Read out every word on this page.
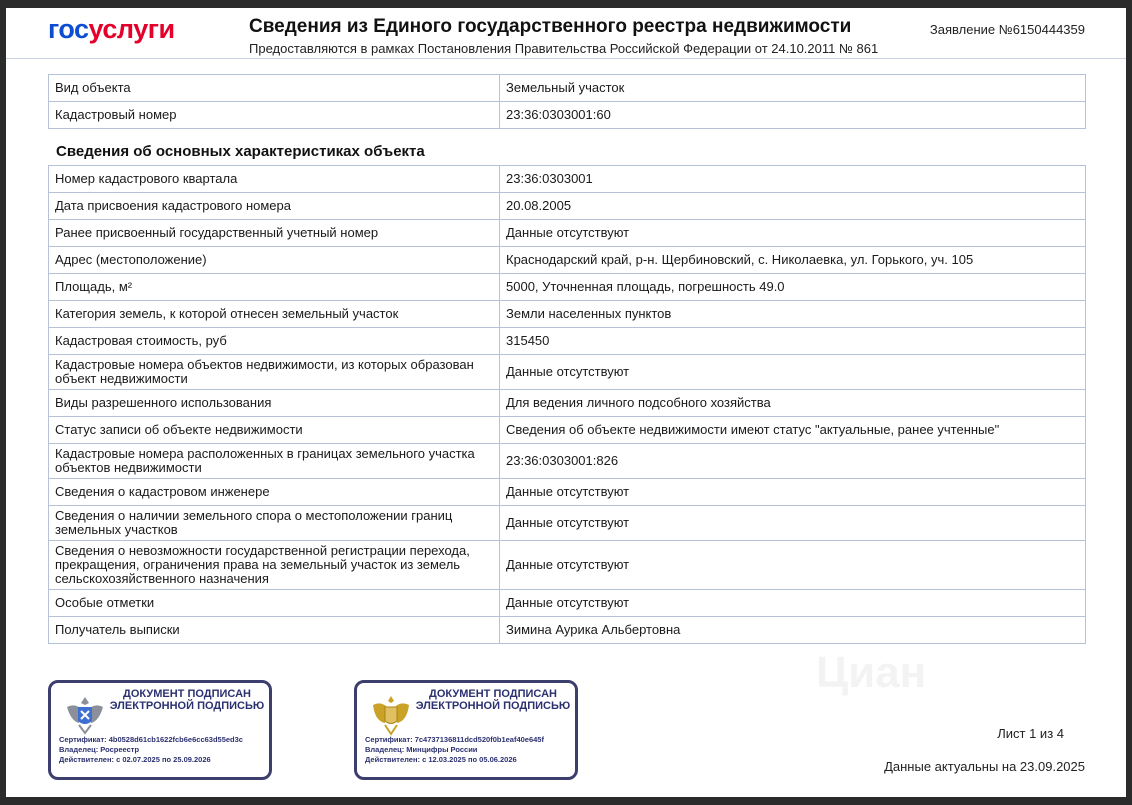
госуслуги	Сведения из Единого государственного реестра недвижимости
Предоставляются в рамках Постановления Правительства Российской Федерации от 24.10.2011 № 861
Заявление №6150444359
Вид объекта	Земельный участок
Кадастровый номер	23:36:0303001:60
Сведения об основных характеристиках объекта
Номер кадастрового квартала	23:36:0303001
Дата присвоения кадастрового номера	20.08.2005
Ранее присвоенный государственный учетный номер	Данные отсутствуют
Адрес (местоположение)	Краснодарский край, р-н. Щербиновский, с. Николаевка, ул. Горького, уч. 105
Площадь, м²	5000, Уточненная площадь, погрешность 49.0
Категория земель, к которой отнесен земельный участок	Земли населенных пунктов
Кадастровая стоимость, руб	315450
Кадастровые номера объектов недвижимости, из которых образован объект недвижимости	Данные отсутствуют
Виды разрешенного использования	Для ведения личного подсобного хозяйства
Статус записи об объекте недвижимости	Сведения об объекте недвижимости имеют статус "актуальные, ранее учтенные"
Кадастровые номера расположенных в границах земельного участка объектов недвижимости	23:36:0303001:826
Сведения о кадастровом инженере	Данные отсутствуют
Сведения о наличии земельного спора о местоположении границ земельных участков	Данные отсутствуют
Сведения о невозможности государственной регистрации перехода, прекращения, ограничения права на земельный участок из земель сельскохозяйственного назначения	Данные отсутствуют
Особые отметки	Данные отсутствуют
Получатель выписки	Зимина Аурика Альбертовна
Циан
ДОКУМЕНТ ПОДПИСАН ЭЛЕКТРОННОЙ ПОДПИСЬЮ
Сертификат: 4b0528d61cb1622fcb6e6cc63d55ed3c
Владелец: Росреестр
Действителен: с 02.07.2025 по 25.09.2026
ДОКУМЕНТ ПОДПИСАН ЭЛЕКТРОННОЙ ПОДПИСЬЮ
Сертификат: 7c4737136811dcd520f0b1eaf40e645f
Владелец: Минцифры России
Действителен: с 12.03.2025 по 05.06.2026
Лист 1 из 4
Данные актуальны на 23.09.2025
